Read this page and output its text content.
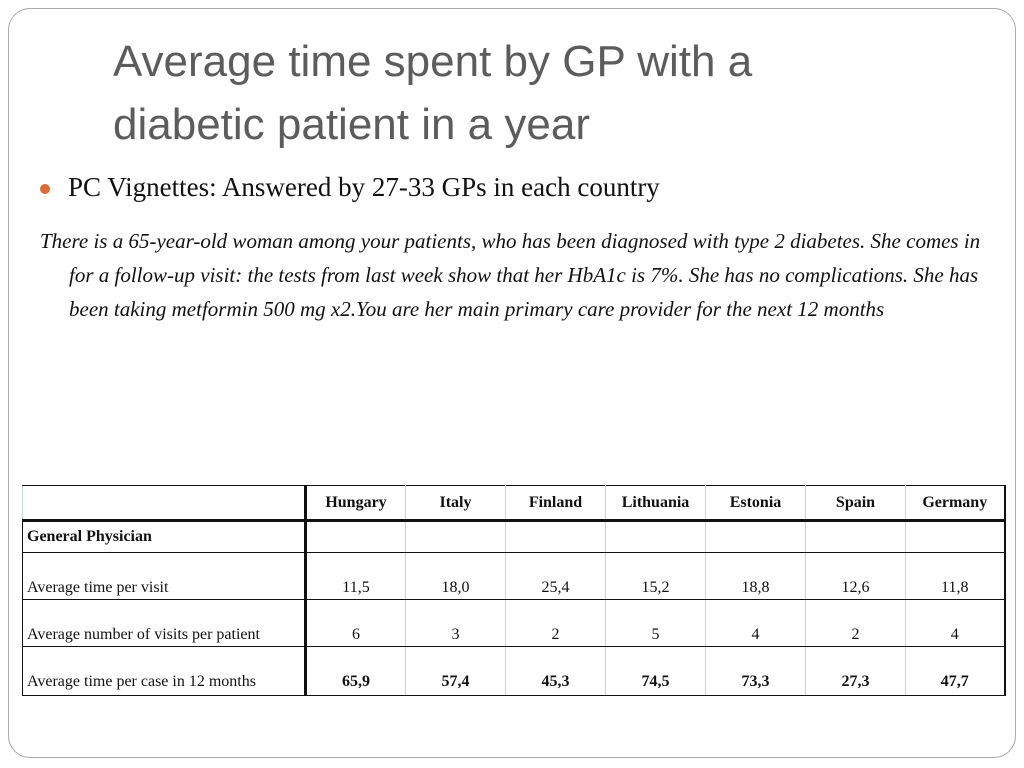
Average time spent by GP with a diabetic patient in a year
PC Vignettes: Answered by 27-33 GPs in each country
There is a 65-year-old woman among your patients, who has been diagnosed with type 2 diabetes. She comes in for a follow-up visit: the tests from last week show that her HbA1c is 7%. She has no complications. She has been taking metformin 500 mg x2.You are her main primary care provider for the next 12 months
	Hungary	Italy	Finland	Lithuania	Estonia	Spain	Germany
General Physician							
Average time per visit	11,5	18,0	25,4	15,2	18,8	12,6	11,8
Average number of visits per patient	6	3	2	5	4	2	4
Average time per case in 12 months	65,9	57,4	45,3	74,5	73,3	27,3	47,7
